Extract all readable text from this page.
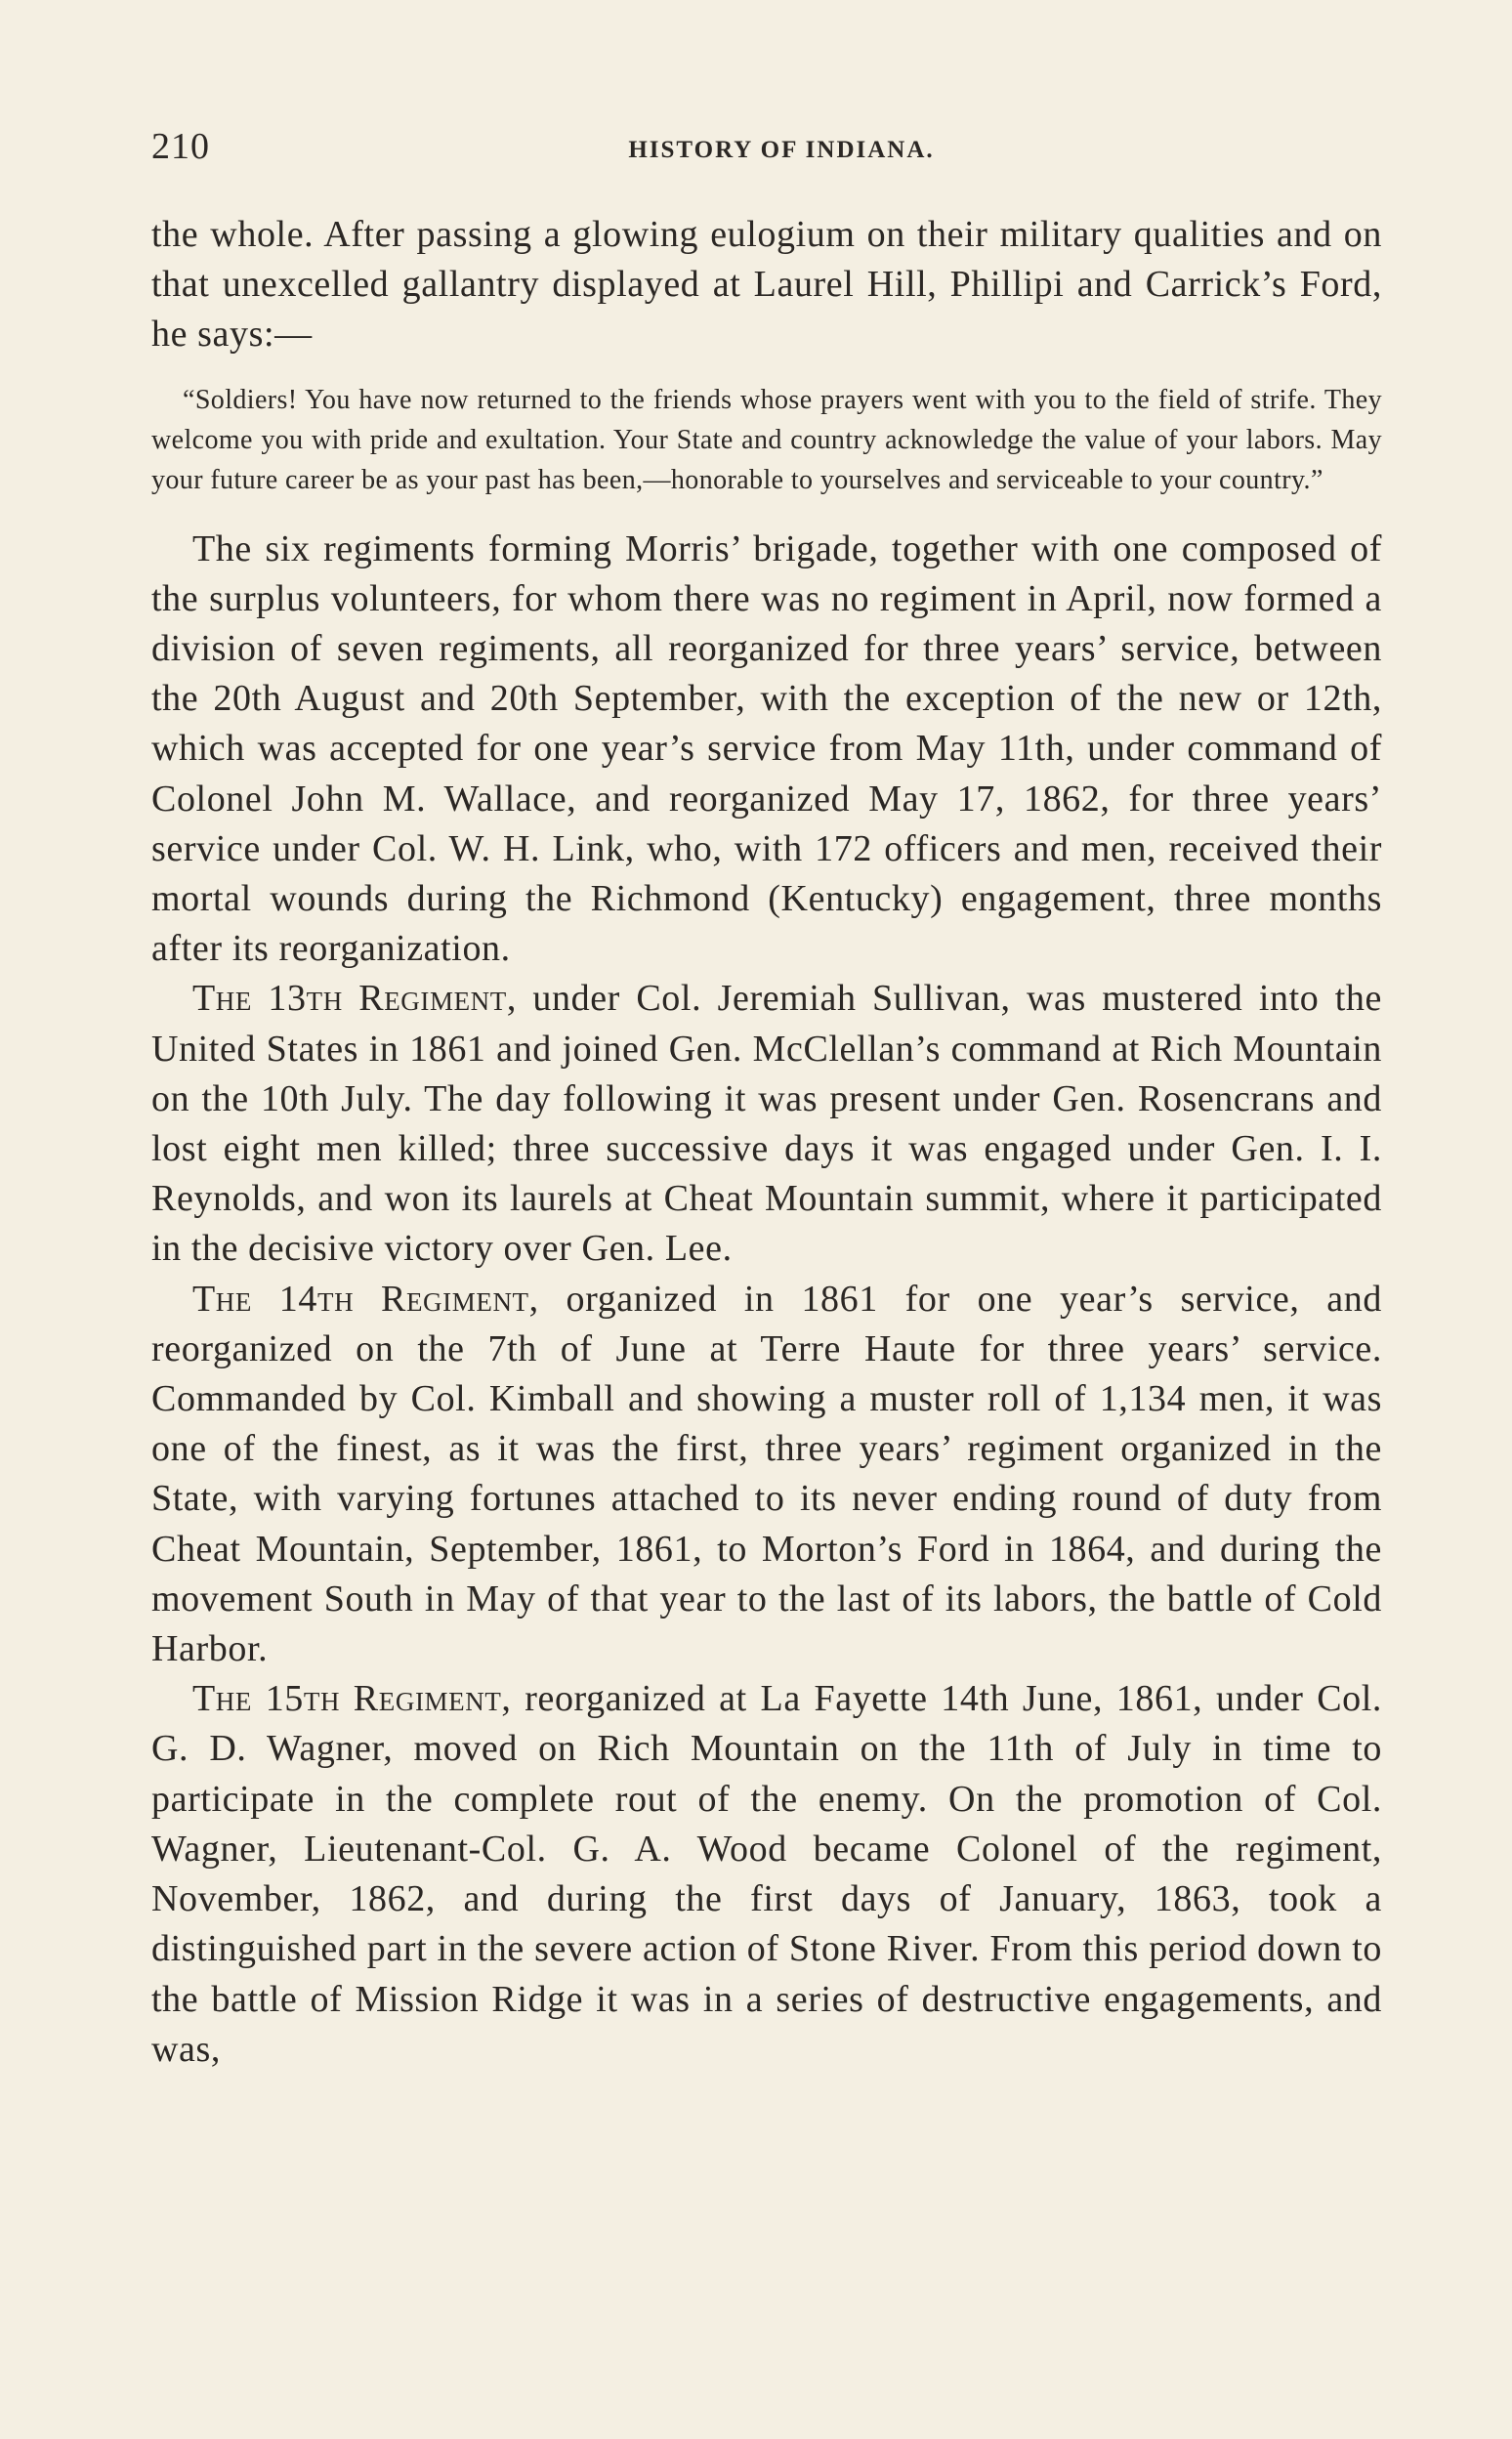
210	HISTORY OF INDIANA.

the whole. After passing a glowing eulogium on their military qualities and on that unexcelled gallantry displayed at Laurel Hill, Phillipi and Carrick’s Ford, he says:—

“Soldiers! You have now returned to the friends whose prayers went with you to the field of strife. They welcome you with pride and exultation. Your State and country acknowledge the value of your labors. May your future career be as your past has been,—honorable to yourselves and serviceable to your country.”

The six regiments forming Morris’ brigade, together with one composed of the surplus volunteers, for whom there was no regiment in April, now formed a division of seven regiments, all reorganized for three years’ service, between the 20th August and 20th September, with the exception of the new or 12th, which was accepted for one year’s service from May 11th, under command of Colonel John M. Wallace, and reorganized May 17, 1862, for three years’ service under Col. W. H. Link, who, with 172 officers and men, received their mortal wounds during the Richmond (Kentucky) engagement, three months after its reorganization.

The 13th Regiment, under Col. Jeremiah Sullivan, was mustered into the United States in 1861 and joined Gen. McClellan’s command at Rich Mountain on the 10th July. The day following it was present under Gen. Rosencrans and lost eight men killed; three successive days it was engaged under Gen. I. I. Reynolds, and won its laurels at Cheat Mountain summit, where it participated in the decisive victory over Gen. Lee.

The 14th Regiment, organized in 1861 for one year’s service, and reorganized on the 7th of June at Terre Haute for three years’ service. Commanded by Col. Kimball and showing a muster roll of 1,134 men, it was one of the finest, as it was the first, three years’ regiment organized in the State, with varying fortunes attached to its never ending round of duty from Cheat Mountain, September, 1861, to Morton’s Ford in 1864, and during the movement South in May of that year to the last of its labors, the battle of Cold Harbor.

The 15th Regiment, reorganized at La Fayette 14th June, 1861, under Col. G. D. Wagner, moved on Rich Mountain on the 11th of July in time to participate in the complete rout of the enemy. On the promotion of Col. Wagner, Lieutenant-Col. G. A. Wood became Colonel of the regiment, November, 1862, and during the first days of January, 1863, took a distinguished part in the severe action of Stone River. From this period down to the battle of Mission Ridge it was in a series of destructive engagements, and was,
